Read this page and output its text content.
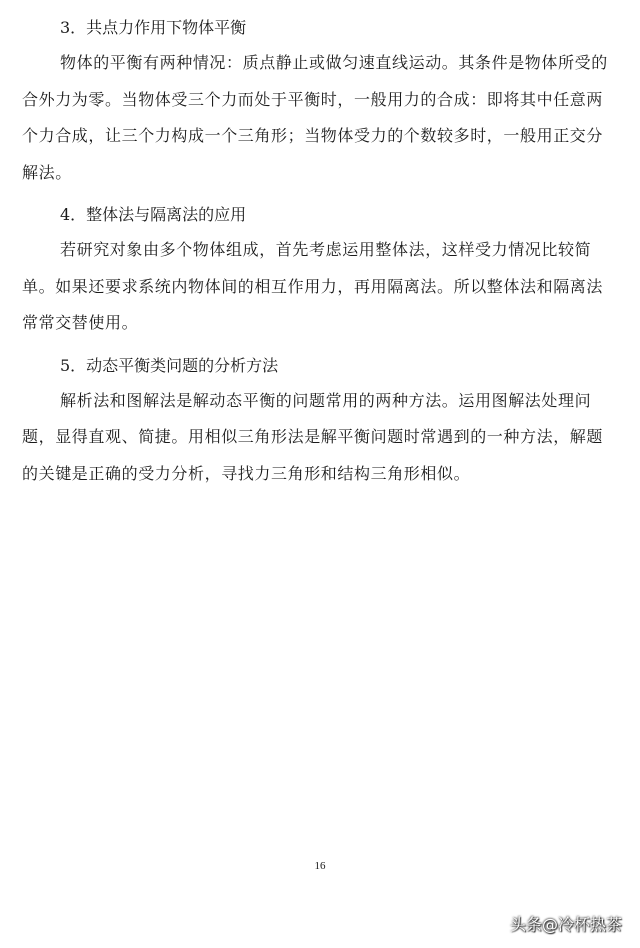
3．共点力作用下物体平衡

物体的平衡有两种情况：质点静止或做匀速直线运动。其条件是物体所受的合外力为零。当物体受三个力而处于平衡时，一般用力的合成：即将其中任意两个力合成，让三个力构成一个三角形；当物体受力的个数较多时，一般用正交分解法。

4．整体法与隔离法的应用

若研究对象由多个物体组成，首先考虑运用整体法，这样受力情况比较简单。如果还要求系统内物体间的相互作用力，再用隔离法。所以整体法和隔离法常常交替使用。

5．动态平衡类问题的分析方法

解析法和图解法是解动态平衡的问题常用的两种方法。运用图解法处理问题，显得直观、简捷。用相似三角形法是解平衡问题时常遇到的一种方法，解题的关键是正确的受力分析，寻找力三角形和结构三角形相似。

16
头条@冷杯热茶
